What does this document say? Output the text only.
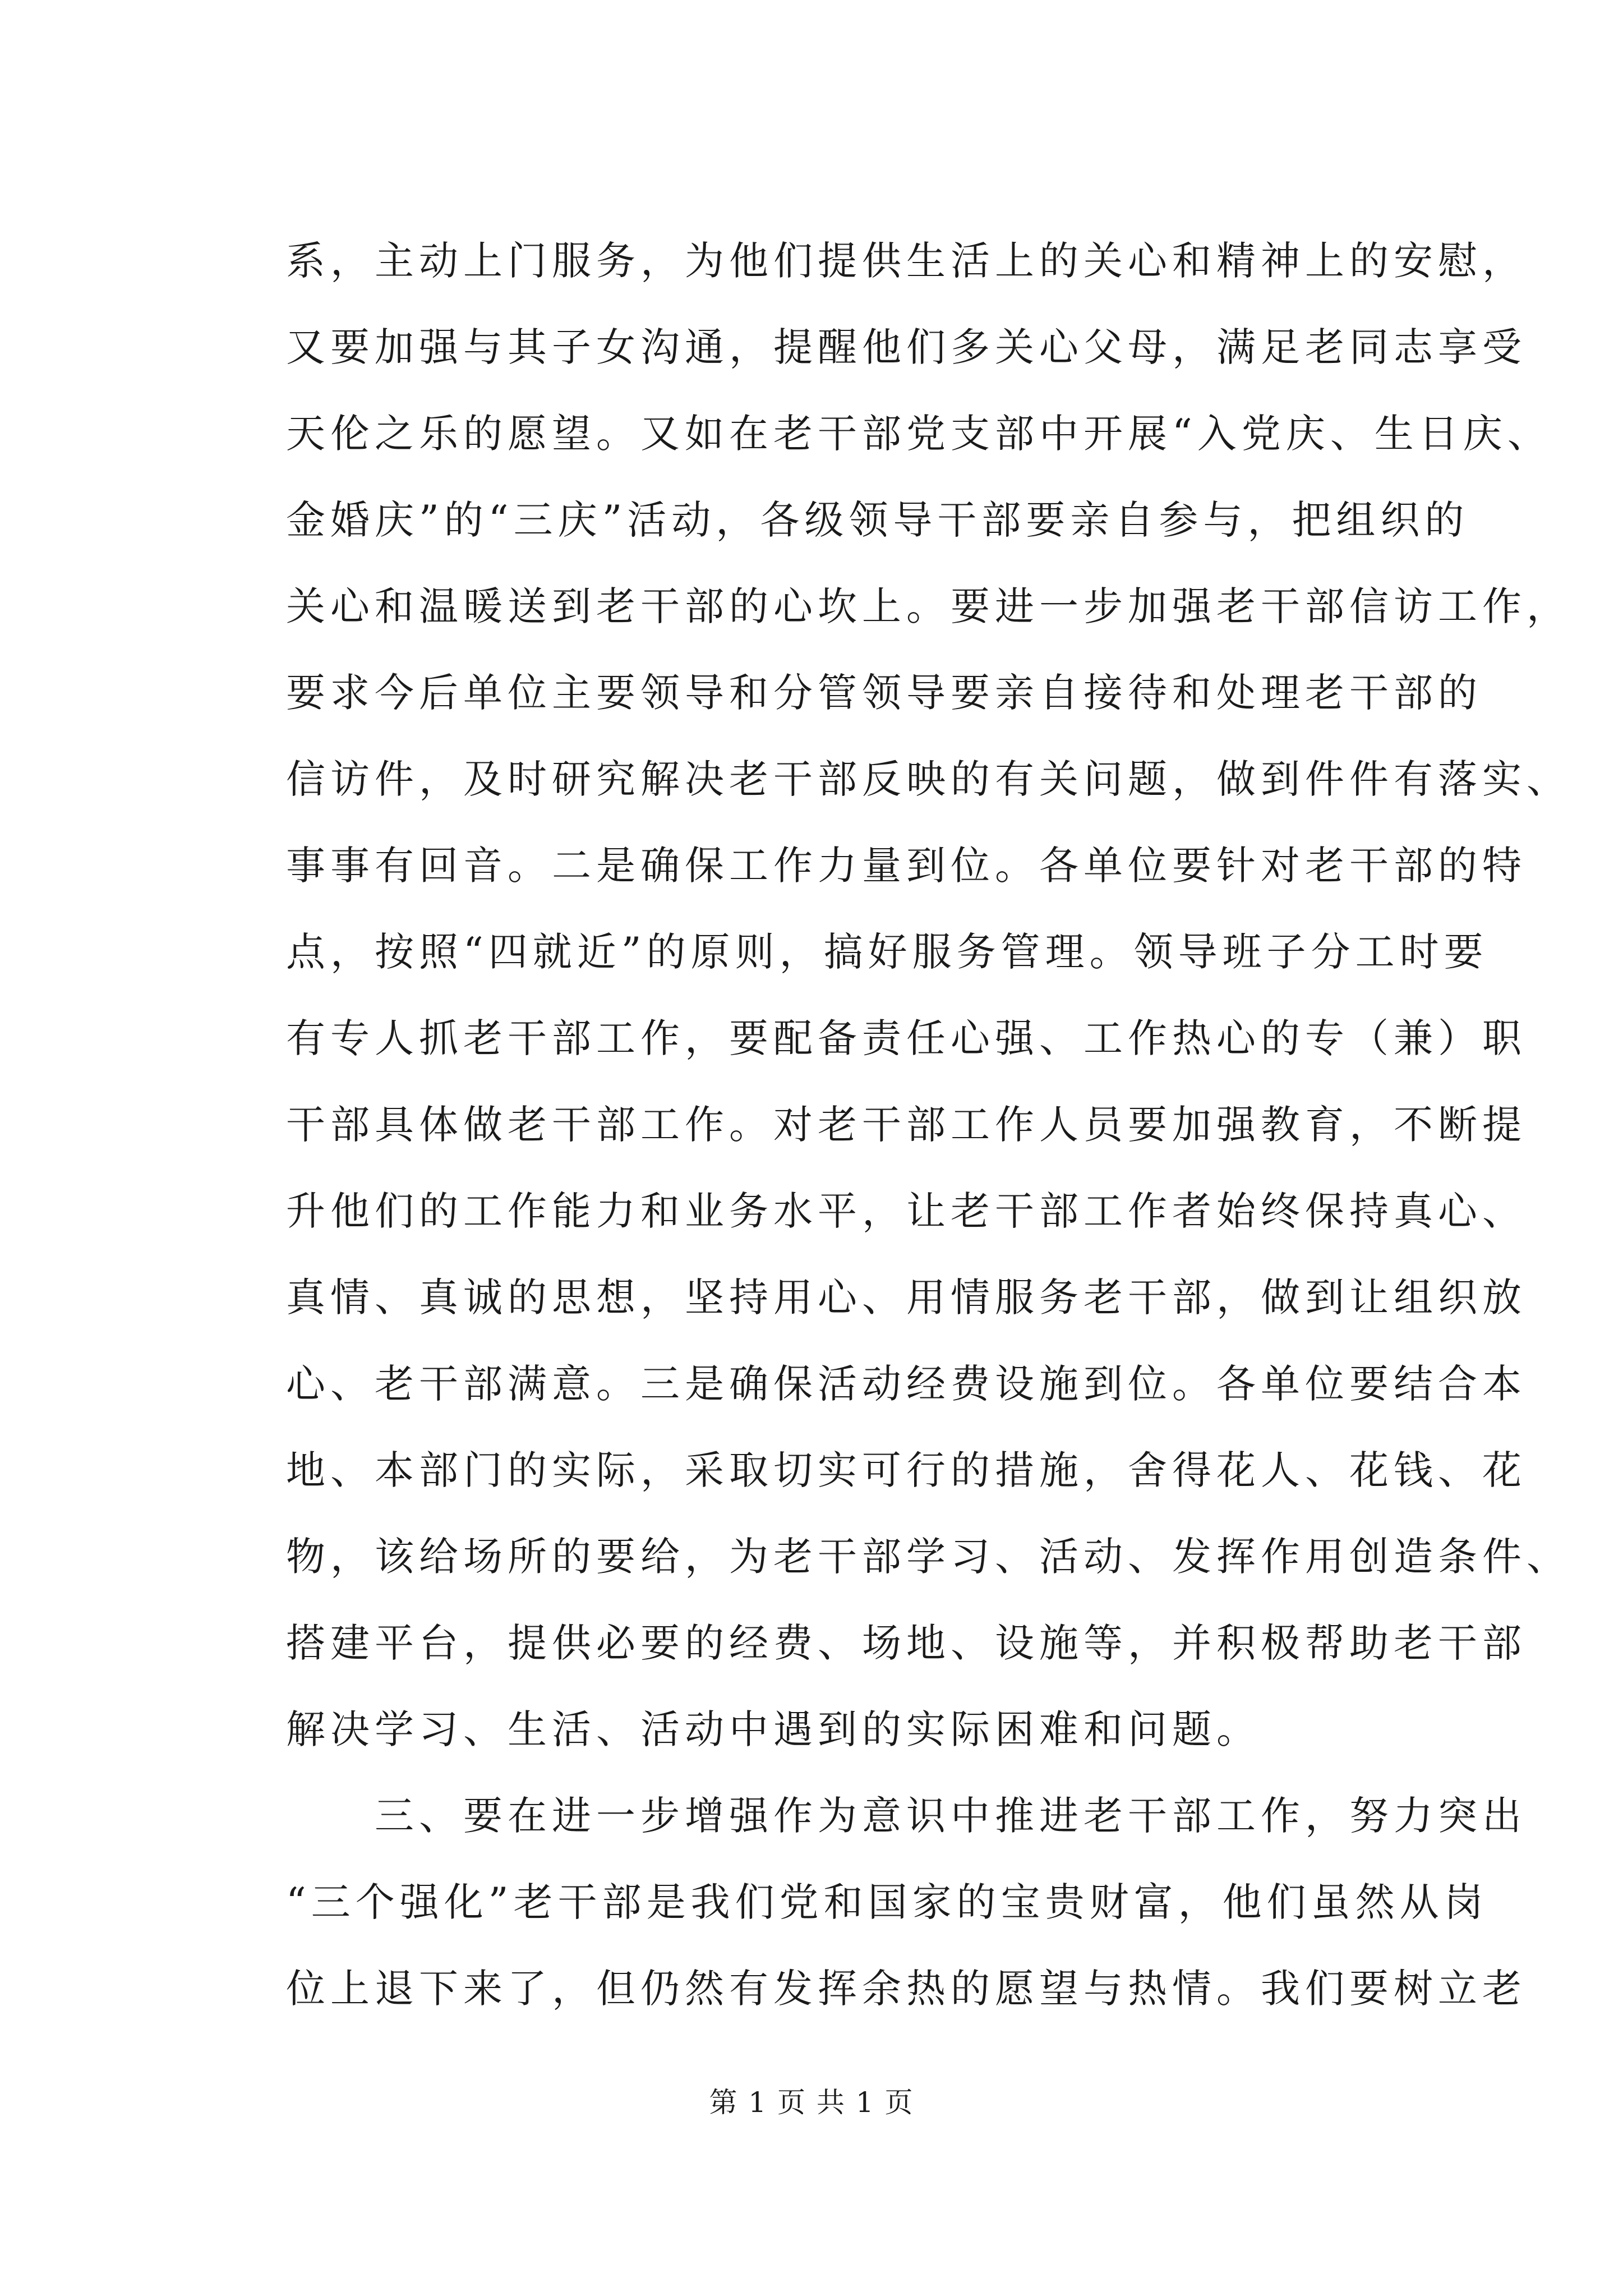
系，主动上门服务，为他们提供生活上的关心和精神上的安慰，
又要加强与其子女沟通，提醒他们多关心父母，满足老同志享受
天伦之乐的愿望。又如在老干部党支部中开展“入党庆、生日庆、
金婚庆”的“三庆”活动，各级领导干部要亲自参与，把组织的
关心和温暖送到老干部的心坎上。要进一步加强老干部信访工作，
要求今后单位主要领导和分管领导要亲自接待和处理老干部的
信访件，及时研究解决老干部反映的有关问题，做到件件有落实、
事事有回音。二是确保工作力量到位。各单位要针对老干部的特
点，按照“四就近”的原则，搞好服务管理。领导班子分工时要
有专人抓老干部工作，要配备责任心强、工作热心的专（兼）职
干部具体做老干部工作。对老干部工作人员要加强教育，不断提
升他们的工作能力和业务水平，让老干部工作者始终保持真心、
真情、真诚的思想，坚持用心、用情服务老干部，做到让组织放
心、老干部满意。三是确保活动经费设施到位。各单位要结合本
地、本部门的实际，采取切实可行的措施，舍得花人、花钱、花
物，该给场所的要给，为老干部学习、活动、发挥作用创造条件、
搭建平台，提供必要的经费、场地、设施等，并积极帮助老干部
解决学习、生活、活动中遇到的实际困难和问题。
　　三、要在进一步增强作为意识中推进老干部工作，努力突出
“三个强化”老干部是我们党和国家的宝贵财富，他们虽然从岗
位上退下来了，但仍然有发挥余热的愿望与热情。我们要树立老
第 1 页 共 1 页
